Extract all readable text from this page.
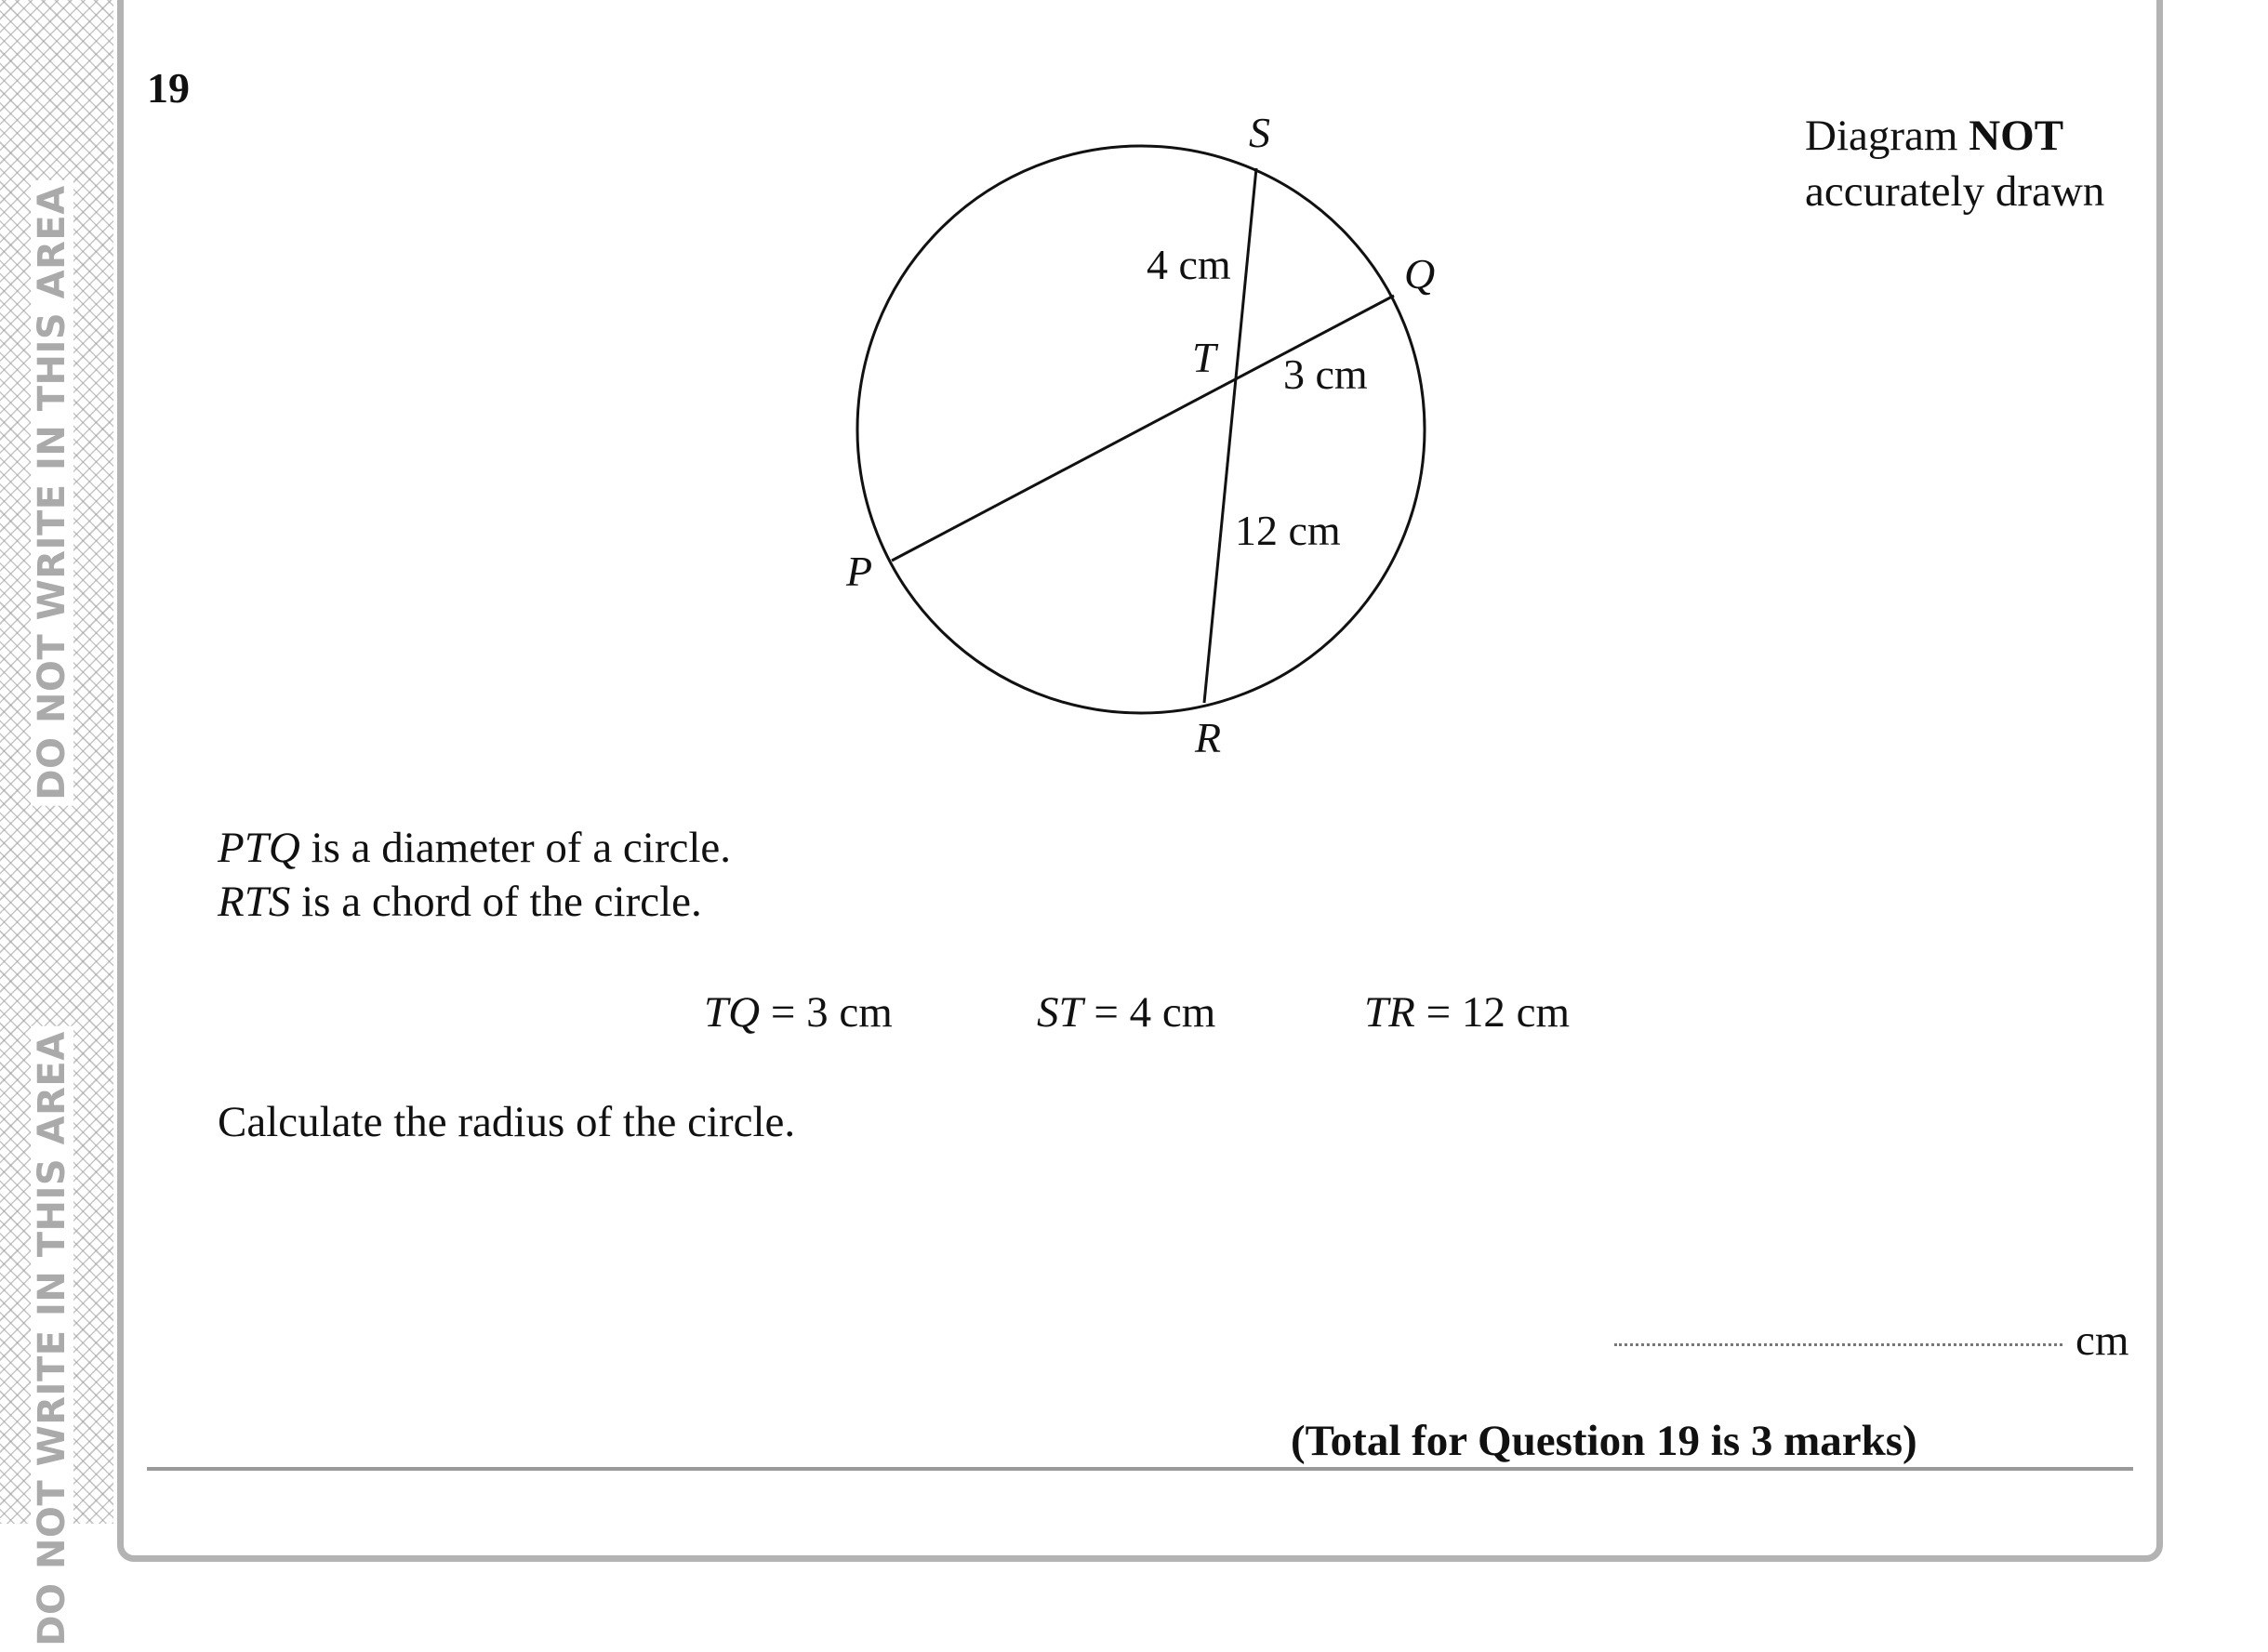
DO NOT WRITE IN THIS AREA
DO NOT WRITE IN THIS AREA
19
Diagram NOT
accurately drawn
S
Q
T
P
R
4 cm
3 cm
12 cm
PTQ is a diameter of a circle.
RTS is a chord of the circle.
TQ = 3 cm	ST = 4 cm	TR = 12 cm
Calculate the radius of the circle.
cm
(Total for Question 19 is 3 marks)
